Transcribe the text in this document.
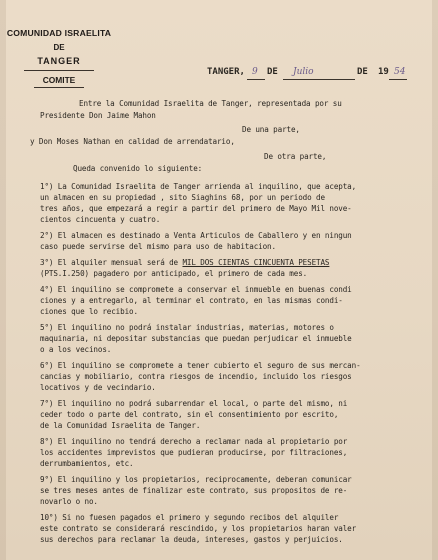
COMUNIDAD ISRAELITA
DE
TANGER
COMITE
TANGER, 9 DE Julio	DE 19 54
Entre la Comunidad Israelita de Tanger, representada por su
Presidente Don Jaime Mahon
De una parte,
y Don Moses Nathan en calidad de arrendatario,
De otra parte,
Queda convenido lo siguiente:
1°) La Comunidad Israelita de Tanger arrienda al inquilino, que acepta,
un almacen en su propiedad , sito Siaghins 68, por un periodo de
tres años, que empezará a regir a partir del primero de Mayo Mil nove-
cientos cincuenta y cuatro.
2°) El almacen es destinado a Venta Articulos de Caballero y en ningun
caso puede servirse del mismo para uso de habitacion.
3°) El alquiler mensual será de MIL DOS CIENTAS CINCUENTA PESETAS
(PTS.I.250) pagadero por anticipado, el primero de cada mes.
4°) El inquilino se compromete a conservar el inmueble en buenas condi
ciones y a entregarlo, al terminar el contrato, en las mismas condi-
ciones que lo recibio.
5°) El inquilino no podrá instalar industrias, materias, motores o
maquinaria, ni depositar substancias que puedan perjudicar el inmueble
o a los vecinos.
6°) El inquilino se compromete a tener cubierto el seguro de sus mercan-
cancias y mobiliario, contra riesgos de incendio, incluido los riesgos
locativos y de vecindario.
7°) El inquilino no podrá subarrendar el local, o parte del mismo, ni
ceder todo o parte del contrato, sin el consentimiento por escrito,
de la Comunidad Israelita de Tanger.
8°) El inquilino no tendrá derecho a reclamar nada al propietario por
los accidentes imprevistos que pudieran producirse, por filtraciones,
derrumbamientos, etc.
9°) El inquilino y los propietarios, reciprocamente, deberan comunicar
se tres meses antes de finalizar este contrato, sus propositos de re-
novarlo o no.
10°) Si no fuesen pagados el primero y segundo recibos del alquiler
este contrato se considerará rescindido, y los propietarios haran valer
sus derechos para reclamar la deuda, intereses, gastos y perjuicios.
